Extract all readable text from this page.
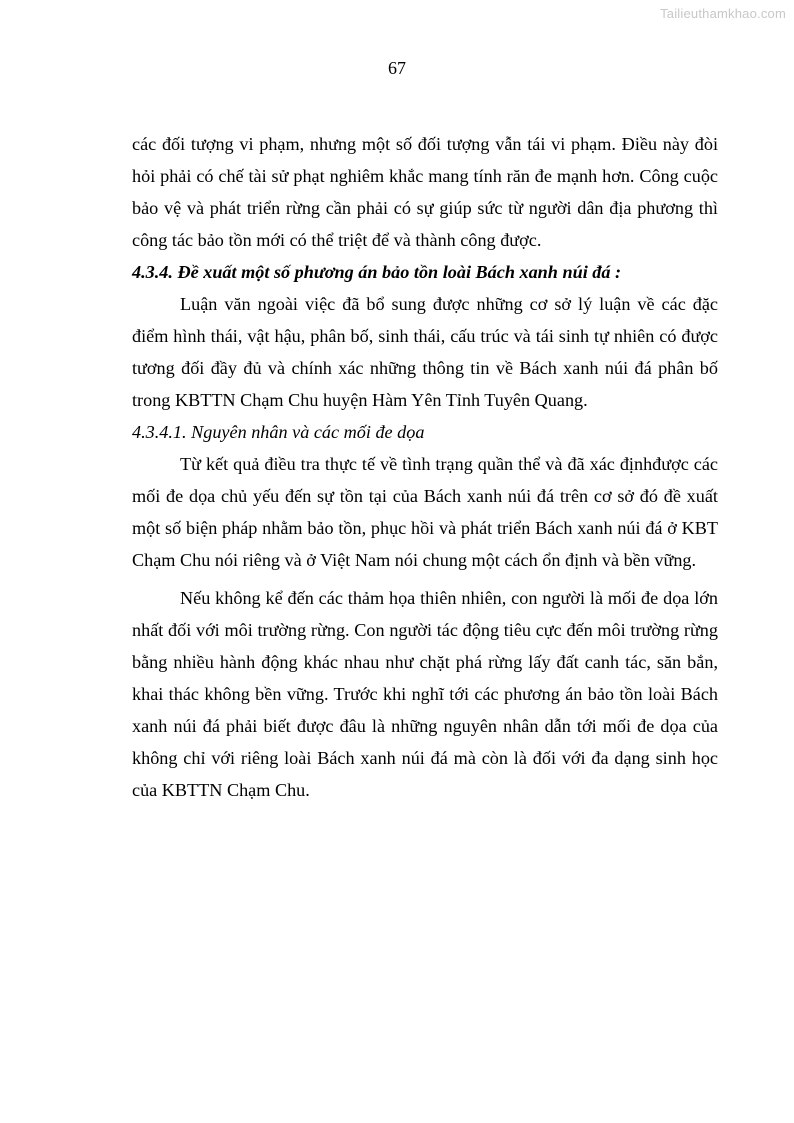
Tailieuthamkhao.com
67

các đối tượng vi phạm, nhưng một số đối tượng vẫn tái vi phạm. Điều này đòi hỏi phải có chế tài sử phạt nghiêm khắc mang tính răn đe mạnh hơn. Công cuộc bảo vệ và phát triển rừng cần phải có sự giúp sức từ người dân địa phương thì công tác bảo tồn mới có thể triệt để và thành công được.

4.3.4. Đề xuất một số phương án bảo tồn loài Bách xanh núi đá :

Luận văn ngoài việc đã bổ sung được những cơ sở lý luận về các đặc điểm hình thái, vật hậu, phân bố, sinh thái, cấu trúc và tái sinh tự nhiên có được tương đối đầy đủ và chính xác những thông tin về Bách xanh núi đá phân bố trong KBTTN Chạm Chu huyện Hàm Yên Tỉnh Tuyên Quang.

4.3.4.1. Nguyên nhân và các mối đe dọa

Từ kết quả điều tra thực tế về tình trạng quần thể và đã xác địnhđược các mối đe dọa chủ yếu đến sự tồn tại của Bách xanh núi đá trên cơ sở đó đề xuất một số biện pháp nhằm bảo tồn, phục hồi và phát triển Bách xanh núi đá ở KBT Chạm Chu nói riêng và ở Việt Nam nói chung một cách ổn định và bền vững.

Nếu không kể đến các thảm họa thiên nhiên, con người là mối đe dọa lớn nhất đối với môi trường rừng. Con người tác động tiêu cực đến môi trường rừng bằng nhiều hành động khác nhau như chặt phá rừng lấy đất canh tác, săn bắn, khai thác không bền vững. Trước khi nghĩ tới các phương án bảo tồn loài Bách xanh núi đá phải biết được đâu là những nguyên nhân dẫn tới mối đe dọa của không chỉ với riêng loài Bách xanh núi đá mà còn là đối với đa dạng sinh học của KBTTN Chạm Chu.
